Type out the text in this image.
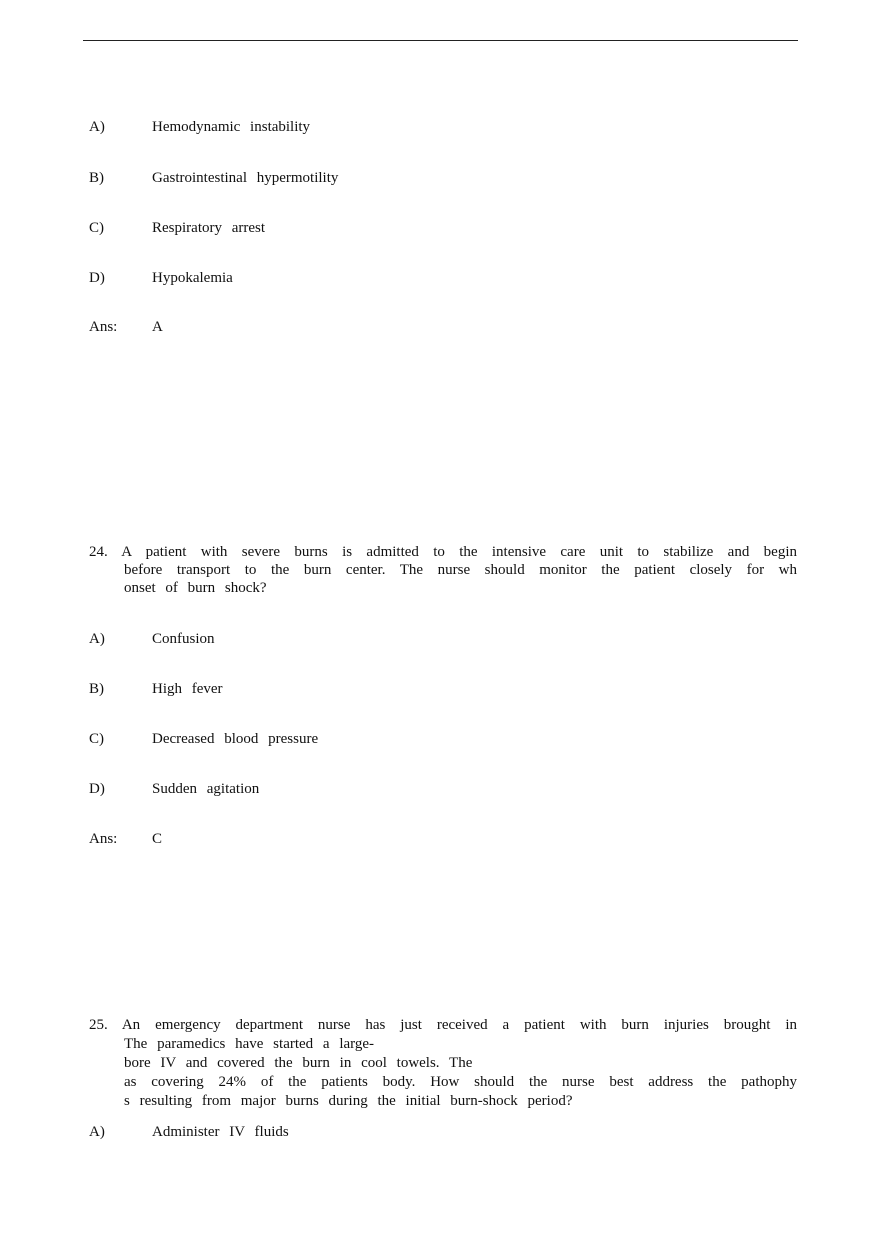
A)	Hemodynamic instability
B)	Gastrointestinal hypermotility
C)	Respiratory arrest
D)	Hypokalemia
Ans: A
24. A patient with severe burns is admitted to the intensive care unit to stabilize and begin
before transport to the burn center. The nurse should monitor the patient closely for wh
onset of burn shock?
A)	Confusion
B)	High fever
C)	Decreased blood pressure
D)	Sudden agitation
Ans: C
25. An emergency department nurse has just received a patient with burn injuries brought in
The paramedics have started a large-
bore IV and covered the burn in cool towels. The
as covering 24% of the patients body. How should the nurse best address the pathophy
s resulting from major burns during the initial burn-shock period?
A)	Administer IV fluids
